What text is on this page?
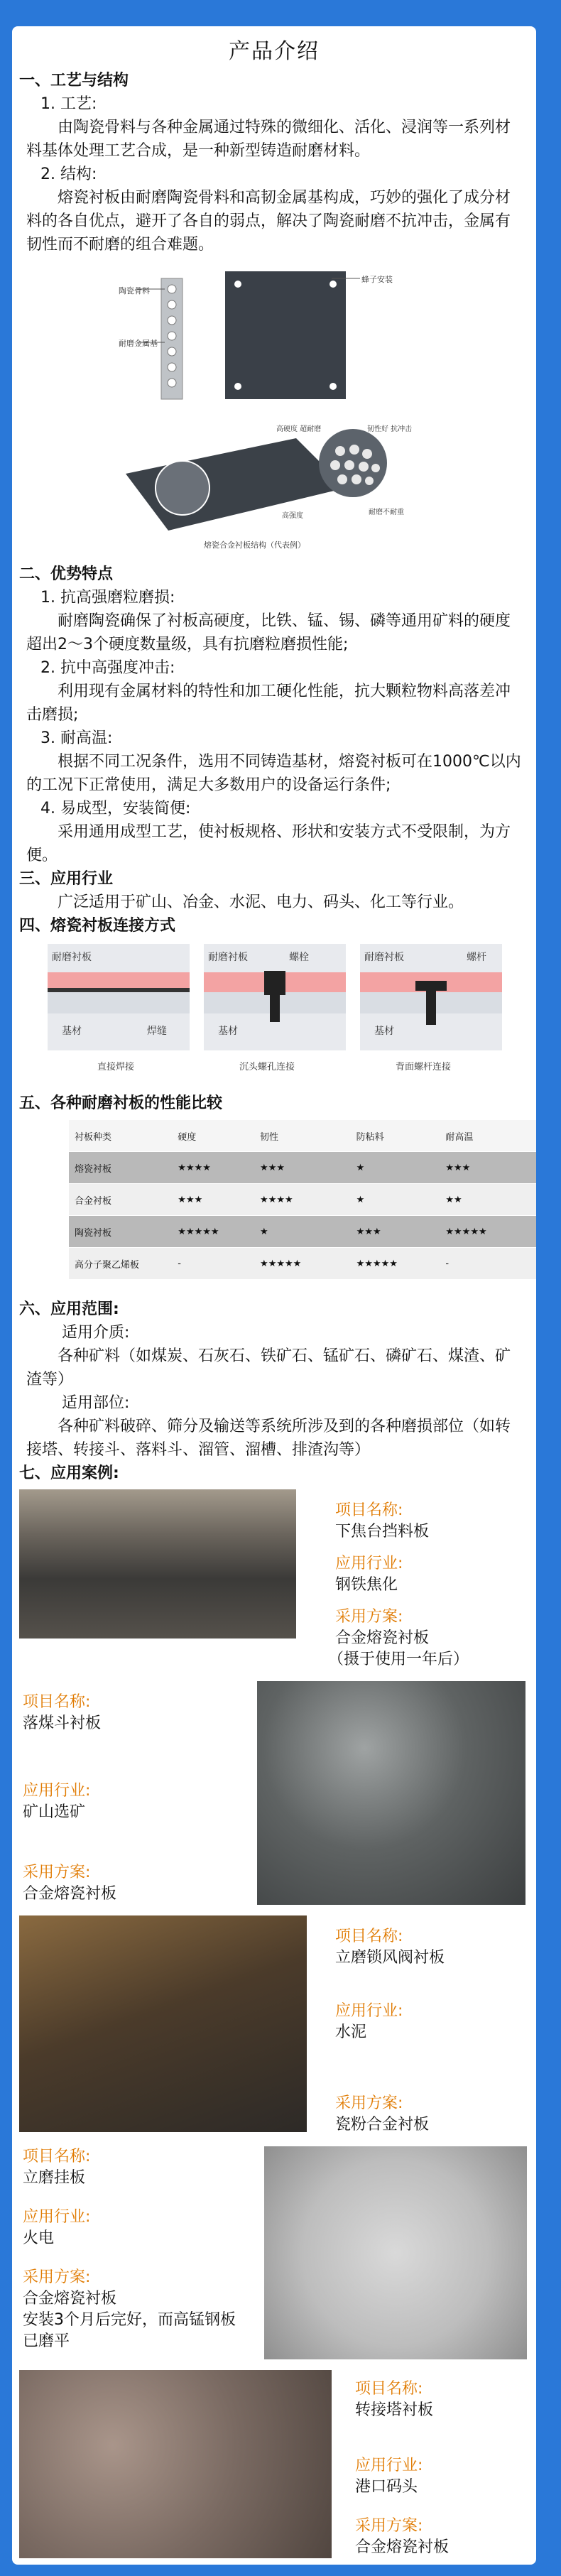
产品介绍
一、工艺与结构
1. 工艺:
由陶瓷骨料与各种金属通过特殊的微细化、活化、浸润等一系列材料基体处理工艺合成，是一种新型铸造耐磨材料。
2. 结构:
熔瓷衬板由耐磨陶瓷骨料和高韧金属基构成，巧妙的强化了成分材料的各自优点，避开了各自的弱点，解决了陶瓷耐磨不抗冲击，金属有韧性而不耐磨的组合难题。
陶瓷骨料
耐磨金属基
蜂子安装
高硬度 超耐磨	韧性好 抗冲击
高强度	耐磨不耐重
熔瓷合金衬板结构（代表例）
二、优势特点
1. 抗高强磨粒磨损:
耐磨陶瓷确保了衬板高硬度，比铁、锰、锡、磷等通用矿料的硬度超出2～3个硬度数量级，具有抗磨粒磨损性能;
2. 抗中高强度冲击:
利用现有金属材料的特性和加工硬化性能，抗大颗粒物料高落差冲击磨损;
3. 耐高温:
根据不同工况条件，选用不同铸造基材，熔瓷衬板可在1000℃以内的工况下正常使用，满足大多数用户的设备运行条件;
4. 易成型，安装简便:
采用通用成型工艺，使衬板规格、形状和安装方式不受限制，为方便。
三、应用行业
广泛适用于矿山、冶金、水泥、电力、码头、化工等行业。
四、熔瓷衬板连接方式
耐磨衬板
基材	焊缝
直接焊接
耐磨衬板	螺栓
基材
沉头螺孔连接
耐磨衬板	螺杆
基材
背面螺杆连接
五、各种耐磨衬板的性能比较
衬板种类	硬度	韧性	防粘料	耐高温
熔瓷衬板	★★★★	★★★	★	★★★
合金衬板	★★★	★★★★	★	★★
陶瓷衬板	★★★★★	★	★★★	★★★★★
高分子聚乙烯板	-	★★★★★	★★★★★	-
六、应用范围:
适用介质:
各种矿料（如煤炭、石灰石、铁矿石、锰矿石、磷矿石、煤渣、矿渣等）
适用部位:
各种矿料破碎、筛分及输送等系统所涉及到的各种磨损部位（如转接塔、转接斗、落料斗、溜管、溜槽、排渣沟等）
七、应用案例:
项目名称:
下焦台挡料板
应用行业:
钢铁焦化
采用方案:
合金熔瓷衬板
（摄于使用一年后）
项目名称:
落煤斗衬板
应用行业:
矿山选矿
采用方案:
合金熔瓷衬板
项目名称:
立磨锁风阀衬板
应用行业:
水泥
采用方案:
瓷粉合金衬板
项目名称:
立磨挂板
应用行业:
火电
采用方案:
合金熔瓷衬板
安装3个月后完好，而高锰钢板已磨平
项目名称:
转接塔衬板
应用行业:
港口码头
采用方案:
合金熔瓷衬板
